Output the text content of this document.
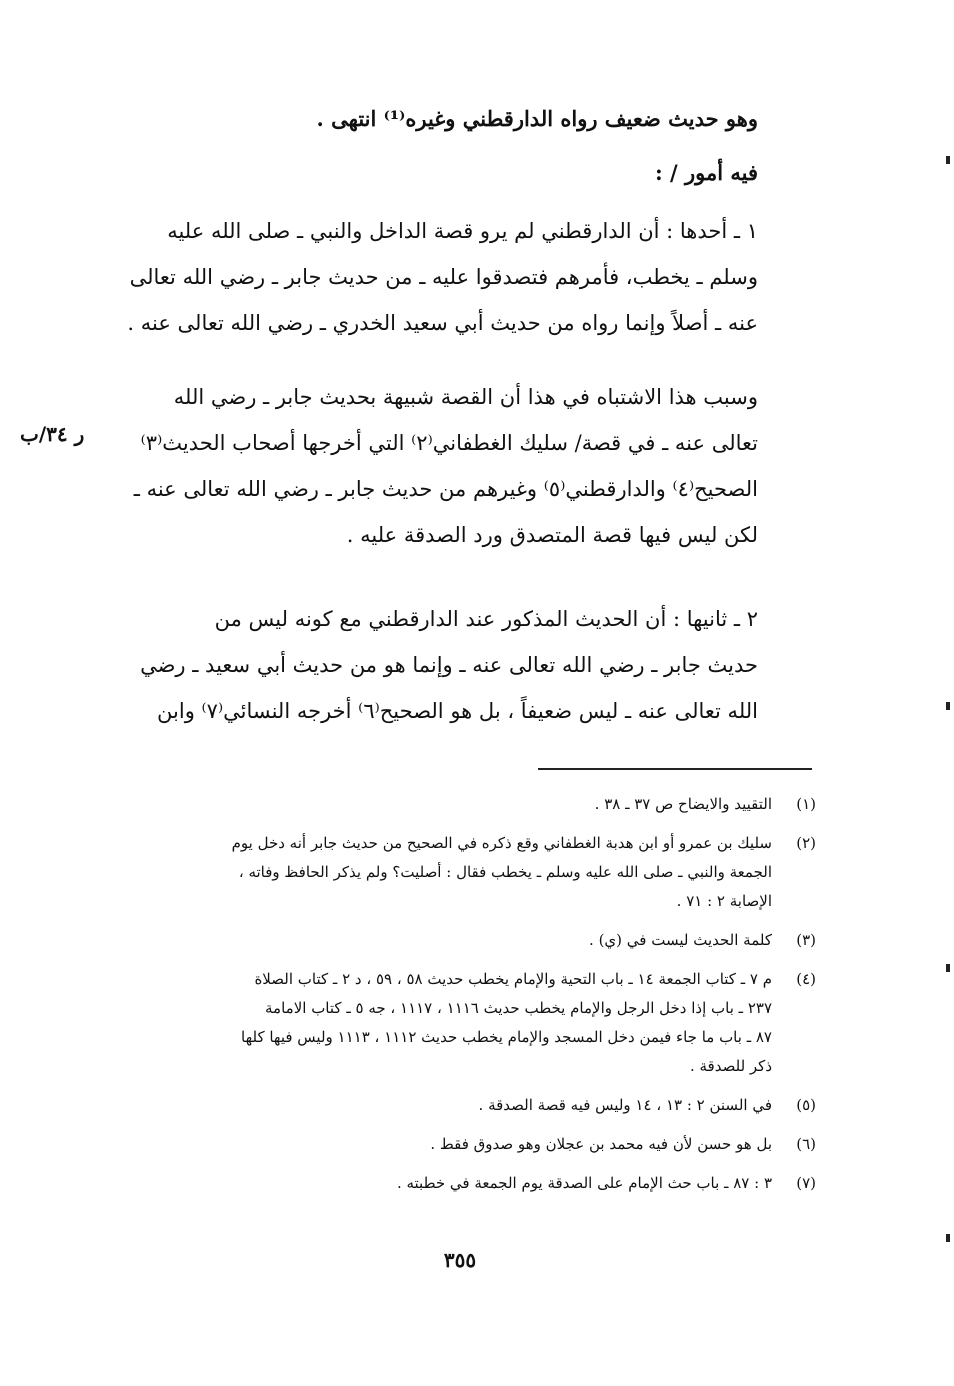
وهو حديث ضعيف رواه الدارقطني وغيره⁽¹⁾ انتهى .
فيه أمور / :
١ ـ أحدها : أن الدارقطني لم يرو قصة الداخل والنبي ـ صلى الله عليه
وسلم ـ يخطب، فأمرهم فتصدقوا عليه ـ من حديث جابر ـ رضي الله تعالى
عنه ـ أصلاً وإنما رواه من حديث أبي سعيد الخدري ـ رضي الله تعالى عنه .
وسبب هذا الاشتباه في هذا أن القصة شبيهة بحديث جابر ـ رضي الله
تعالى عنه ـ في قصة/ سليك الغطفاني⁽٢⁾ التي أخرجها أصحاب الحديث⁽٣⁾
الصحيح⁽٤⁾ والدارقطني⁽٥⁾ وغيرهم من حديث جابر ـ رضي الله تعالى عنه ـ
لكن ليس فيها قصة المتصدق ورد الصدقة عليه .
ر ٣٤/ب
٢ ـ ثانيها : أن الحديث المذكور عند الدارقطني مع كونه ليس من
حديث جابر ـ رضي الله تعالى عنه ـ وإنما هو من حديث أبي سعيد ـ رضي
الله تعالى عنه ـ ليس ضعيفاً ، بل هو الصحيح⁽٦⁾ أخرجه النسائي⁽٧⁾ وابن
(١)
التقييد والايضاح ص ٣٧ ـ ٣٨ .
(٢)
سليك بن عمرو أو ابن هدبة الغطفاني وقع ذكره في الصحيح من حديث جابر أنه دخل يوم
الجمعة والنبي ـ صلى الله عليه وسلم ـ يخطب فقال : أصليت؟ ولم يذكر الحافظ وفاته ،
الإصابة ٢ : ٧١ .
(٣)
كلمة الحديث ليست في (ي) .
(٤)
م ٧ ـ كتاب الجمعة ١٤ ـ باب التحية والإمام يخطب حديث ٥٨ ، ٥٩ ، د ٢ ـ كتاب الصلاة
٢٣٧ ـ باب إذا دخل الرجل والإمام يخطب حديث ١١١٦ ، ١١١٧ ، جه ٥ ـ كتاب الامامة
٨٧ ـ باب ما جاء فيمن دخل المسجد والإمام يخطب حديث ١١١٢ ، ١١١٣ وليس فيها كلها
ذكر للصدقة .
(٥)
في السنن ٢ : ١٣ ، ١٤ وليس فيه قصة الصدقة .
(٦)
بل هو حسن لأن فيه محمد بن عجلان وهو صدوق فقط .
(٧)
٣ : ٨٧ ـ باب حث الإمام على الصدقة يوم الجمعة في خطبته .
٣٥٥
